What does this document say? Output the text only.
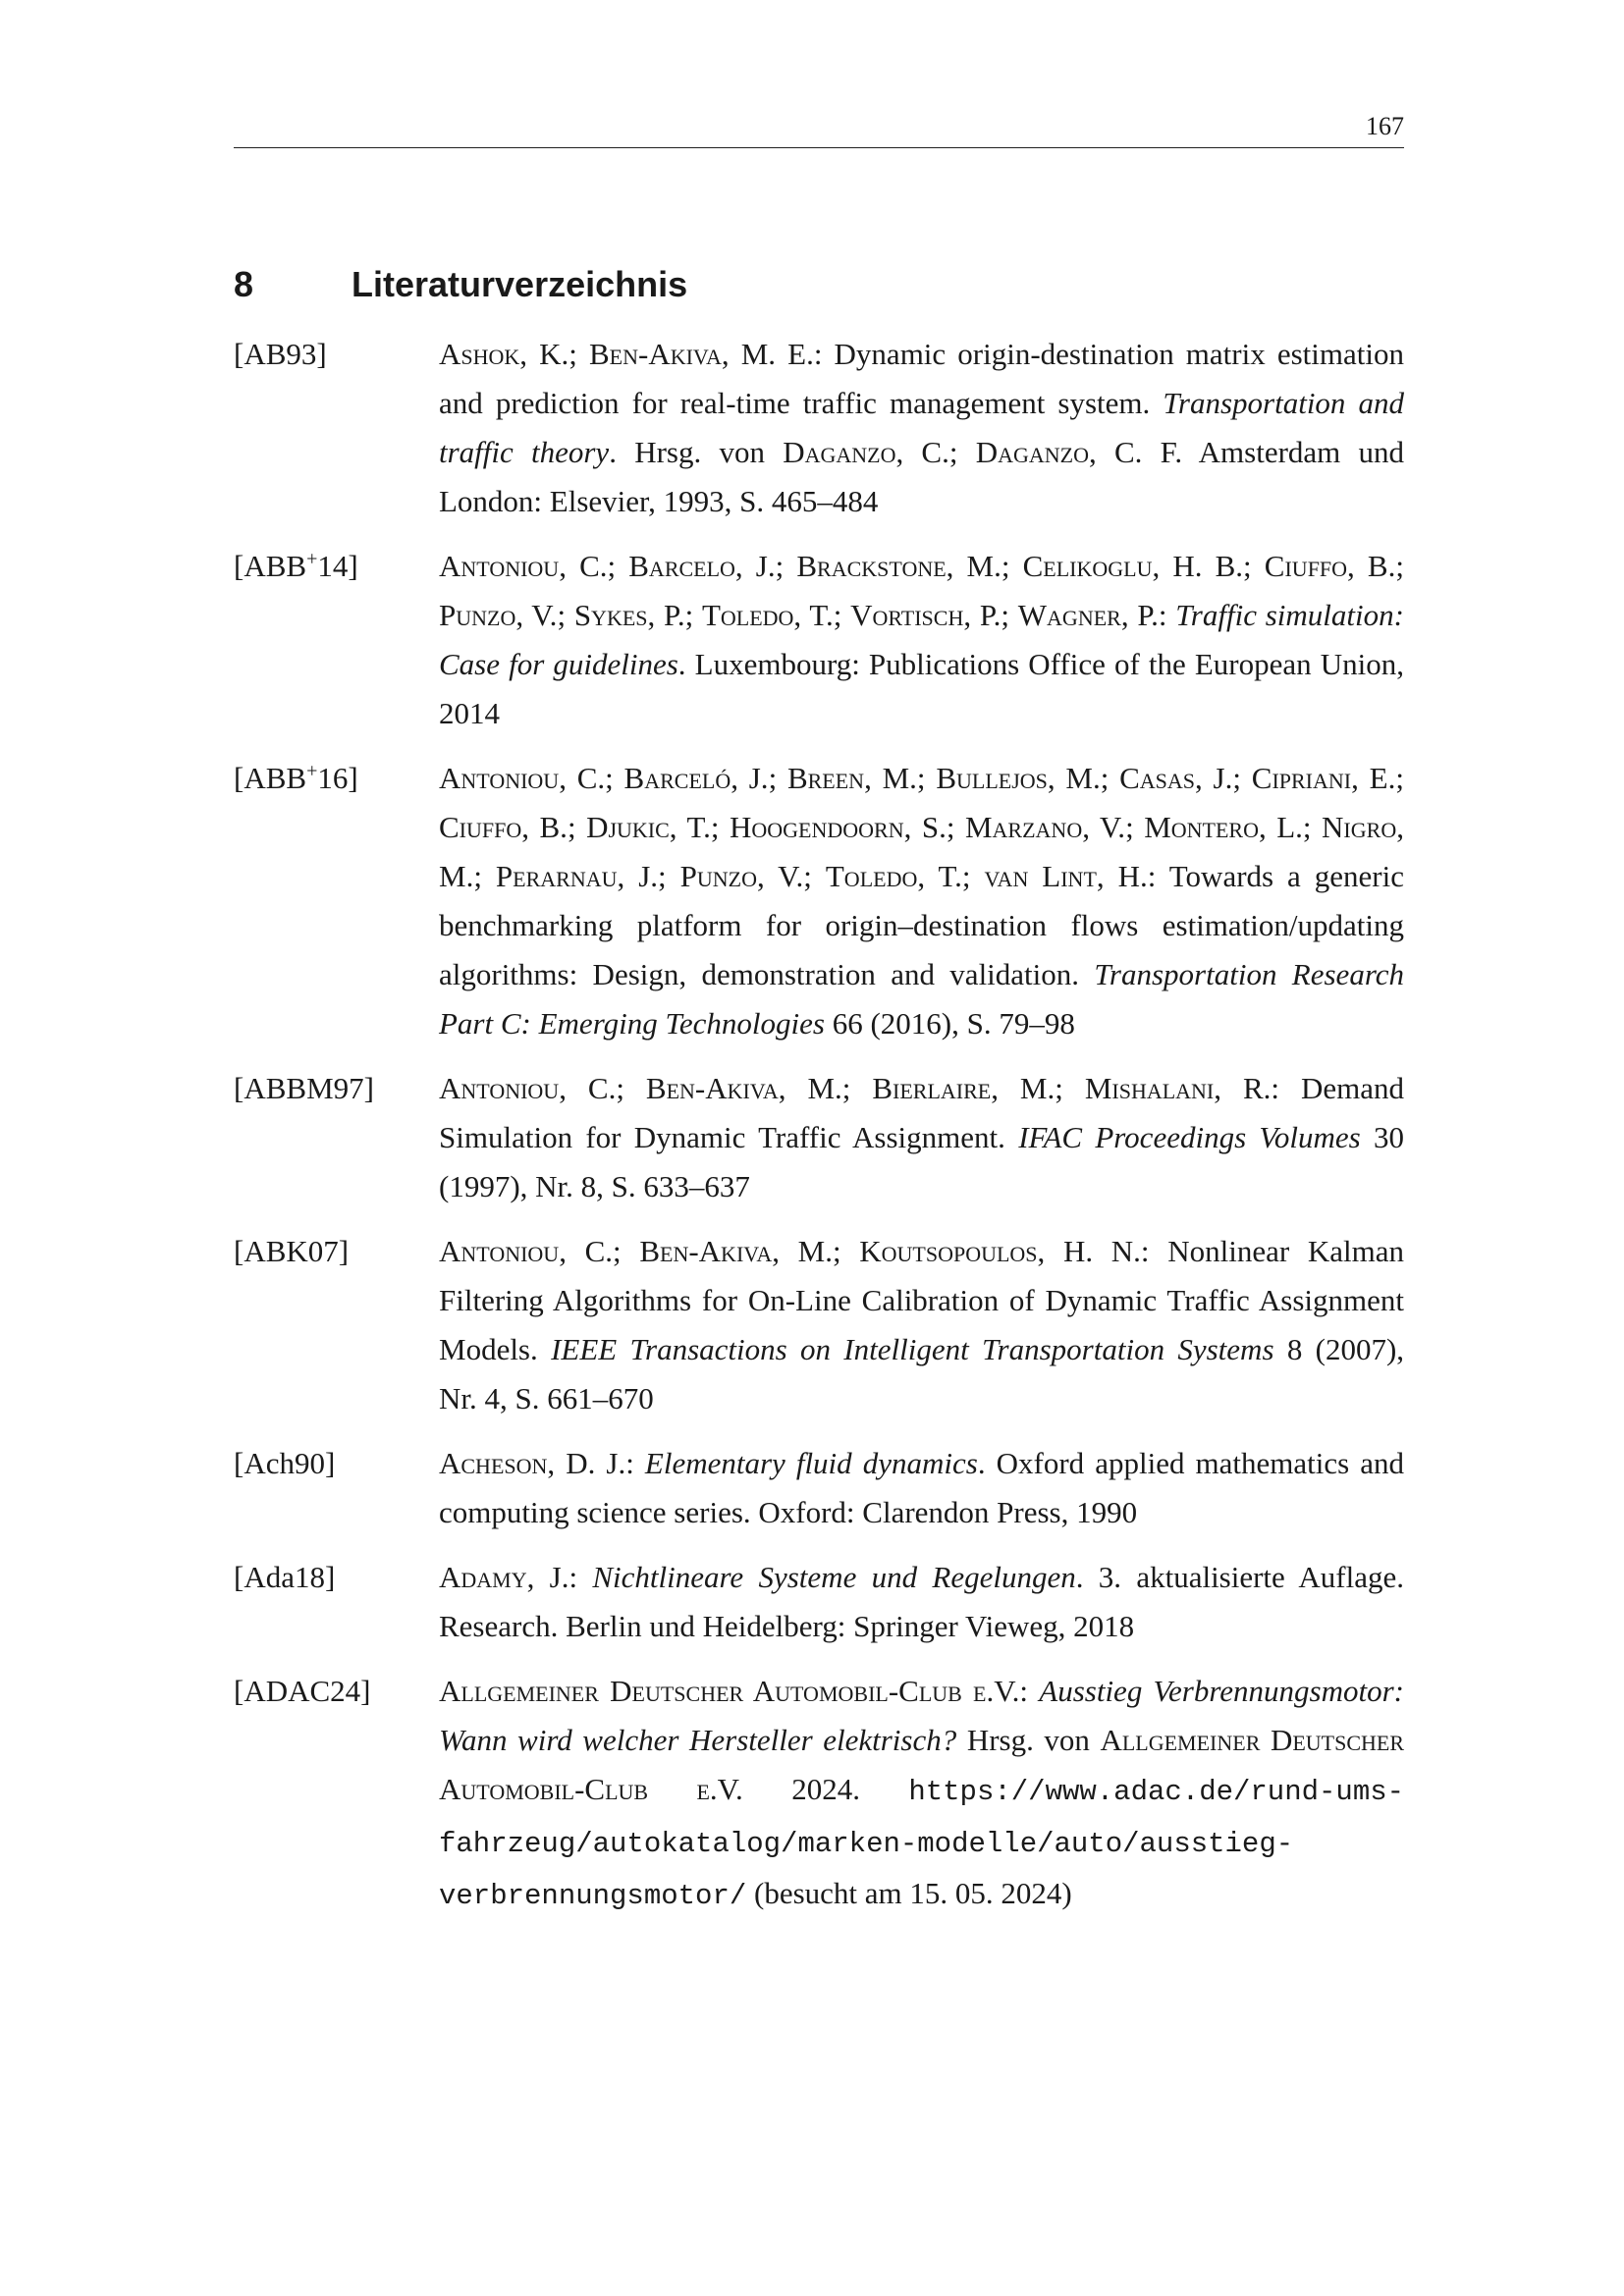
167
8	Literaturverzeichnis
[AB93]	Ashok, K.; Ben-Akiva, M. E.: Dynamic origin-destination matrix estimation and prediction for real-time traffic management system. Transportation and traffic theory. Hrsg. von Daganzo, C.; Daganzo, C. F. Amsterdam und London: Elsevier, 1993, S. 465–484
[ABB+14]	Antoniou, C.; Barcelo, J.; Brackstone, M.; Celikoglu, H. B.; Ciuffo, B.; Punzo, V.; Sykes, P.; Toledo, T.; Vortisch, P.; Wagner, P.: Traffic simulation: Case for guidelines. Luxembourg: Publications Office of the European Union, 2014
[ABB+16]	Antoniou, C.; Barceló, J.; Breen, M.; Bullejos, M.; Casas, J.; Cipriani, E.; Ciuffo, B.; Djukic, T.; Hoogendoorn, S.; Marzano, V.; Montero, L.; Nigro, M.; Perarnau, J.; Punzo, V.; Toledo, T.; van Lint, H.: Towards a generic benchmarking platform for origin–destination flows estimation/updating algorithms: Design, demonstration and validation. Transportation Research Part C: Emerging Technologies 66 (2016), S. 79–98
[ABBM97]	Antoniou, C.; Ben-Akiva, M.; Bierlaire, M.; Mishalani, R.: Demand Simulation for Dynamic Traffic Assignment. IFAC Proceedings Volumes 30 (1997), Nr. 8, S. 633–637
[ABK07]	Antoniou, C.; Ben-Akiva, M.; Koutsopoulos, H. N.: Nonlinear Kalman Filtering Algorithms for On-Line Calibration of Dynamic Traffic Assignment Models. IEEE Transactions on Intelligent Transportation Systems 8 (2007), Nr. 4, S. 661–670
[Ach90]	Acheson, D. J.: Elementary fluid dynamics. Oxford applied mathematics and computing science series. Oxford: Clarendon Press, 1990
[Ada18]	Adamy, J.: Nichtlineare Systeme und Regelungen. 3. aktualisierte Auflage. Research. Berlin und Heidelberg: Springer Vieweg, 2018
[ADAC24]	Allgemeiner Deutscher Automobil-Club e.V.: Ausstieg Verbrennungsmotor: Wann wird welcher Hersteller elektrisch? Hrsg. von Allgemeiner Deutscher Automobil-Club e.V. 2024. https://www.adac.de/rund-ums-fahrzeug/autokatalog/marken-modelle/auto/ausstieg-verbrennungsmotor/ (besucht am 15. 05. 2024)
